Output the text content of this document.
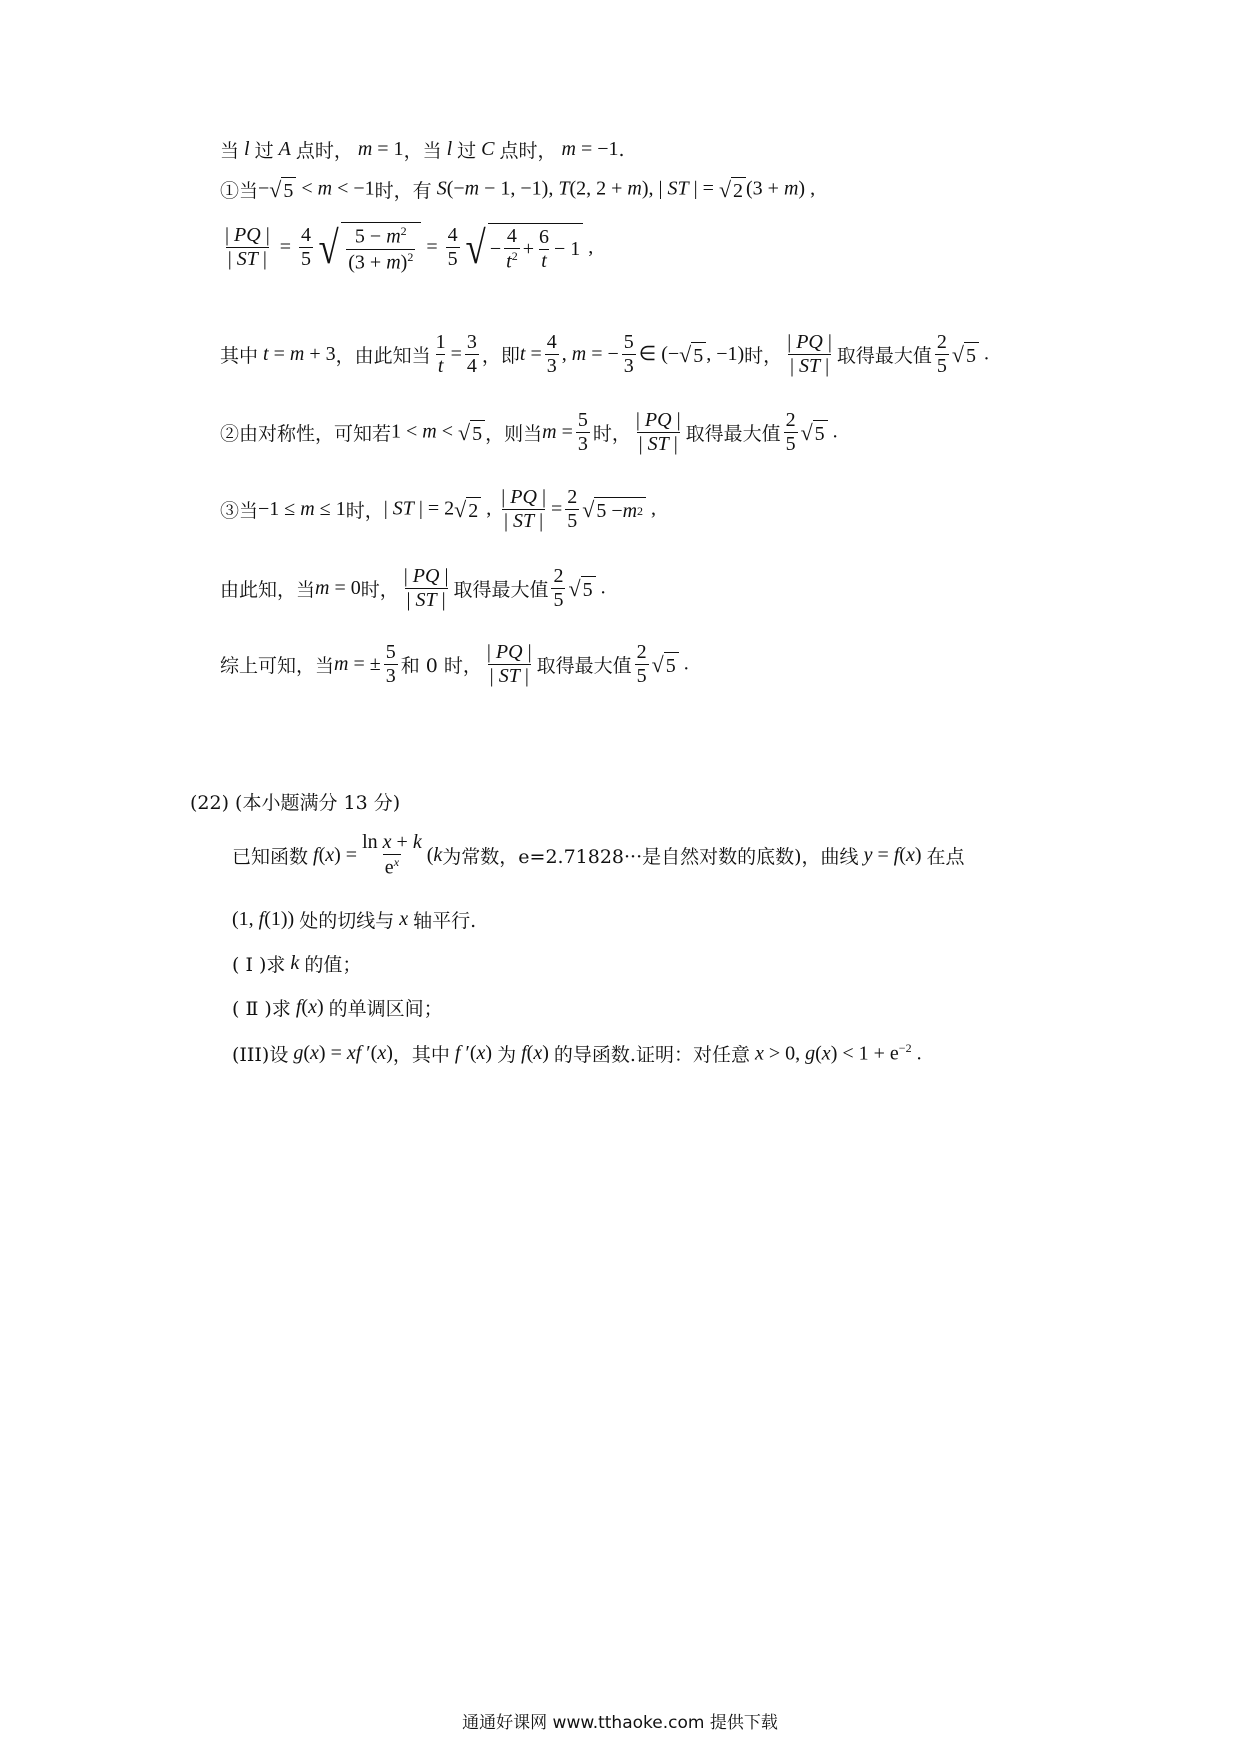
当 l 过 A 点时， m = 1 ，当 l 过 C 点时， m = −1 .
①当 − √ 5 < m < −1 时，有 S(−m − 1, −1), T(2, 2 + m), | ST | = √ 2 (3 + m) ,
$\frac{| PQ |}{| ST |} = \frac{4}{5}$ √ $\frac{5 - m^2}{(3 + m)^2} = \frac{4}{5}$ √ − $\frac{4}{t^2} + \frac{6}{t} - 1$ ,
其中 t = m + 3 ，由此知当 $\frac{1}{t} = \frac{3}{4}$ ，即 $t = \frac{4}{3}$ , m = − $\frac{5}{3}$ ∈ (− √ 5 , −1) 时， $\frac{| PQ |}{| ST |}$ 取得最大值 $\frac{2}{5}$ √ 5 .
②由对称性，可知若 1 < m < √ 5 ，则当 $m = \frac{5}{3}$ 时， $\frac{| PQ |}{| ST |}$ 取得最大值 $\frac{2}{5}$ √ 5 .
③当 −1 ≤ m ≤ 1 时， | ST | = 2 √ 2 , $\frac{| PQ |}{| ST |} = \frac{2}{5}$ √ 5 − m 2 ,
由此知，当 m = 0 时， $\frac{| PQ |}{| ST |}$ 取得最大值 $\frac{2}{5}$ √ 5 .
综上可知，当 m = ± $\frac{5}{3}$ 和 0 时， $\frac{| PQ |}{| ST |}$ 取得最大值 $\frac{2}{5}$ √ 5 .
(22) (本小题满分 13 分)
已知函数 $f(x) = \frac{\text{ln x + k}}{e^x} (k$ 为常数，e=2.71828···是自然对数的底数)，曲线 y = f(x) 在点
(1, f(1)) 处的切线与 x 轴平行.
( Ⅰ )求 k 的值；
( Ⅱ )求 f(x) 的单调区间；
(III)设 g(x) = xf ′(x) ，其中 f ′(x) 为 f(x) 的导函数.证明：对任意 x > 0, $g(x) < 1 + e^{-2}$ .
通通好课网 www.tthaoke.com 提供下载
